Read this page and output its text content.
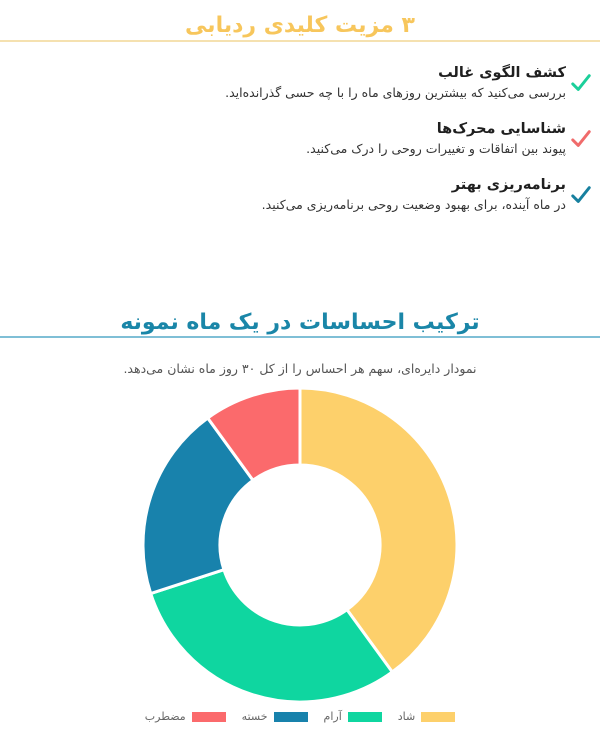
۳ مزیت کلیدی ردیابی
کشف الگوی غالب

بررسی می‌کنید که بیشترین روزهای ماه را با چه حسی گذرانده‌اید.

شناسایی محرک‌ها

پیوند بین اتفاقات و تغییرات روحی را درک می‌کنید.

برنامه‌ریزی بهتر

در ماه آینده، برای بهبود وضعیت روحی برنامه‌ریزی می‌کنید.

ترکیب احساسات در یک ماه نمونه
نمودار دایره‌ای، سهم هر احساس را از کل ۳۰ روز ماه نشان می‌دهد.
شاد
آرام
خسته
مضطرب
